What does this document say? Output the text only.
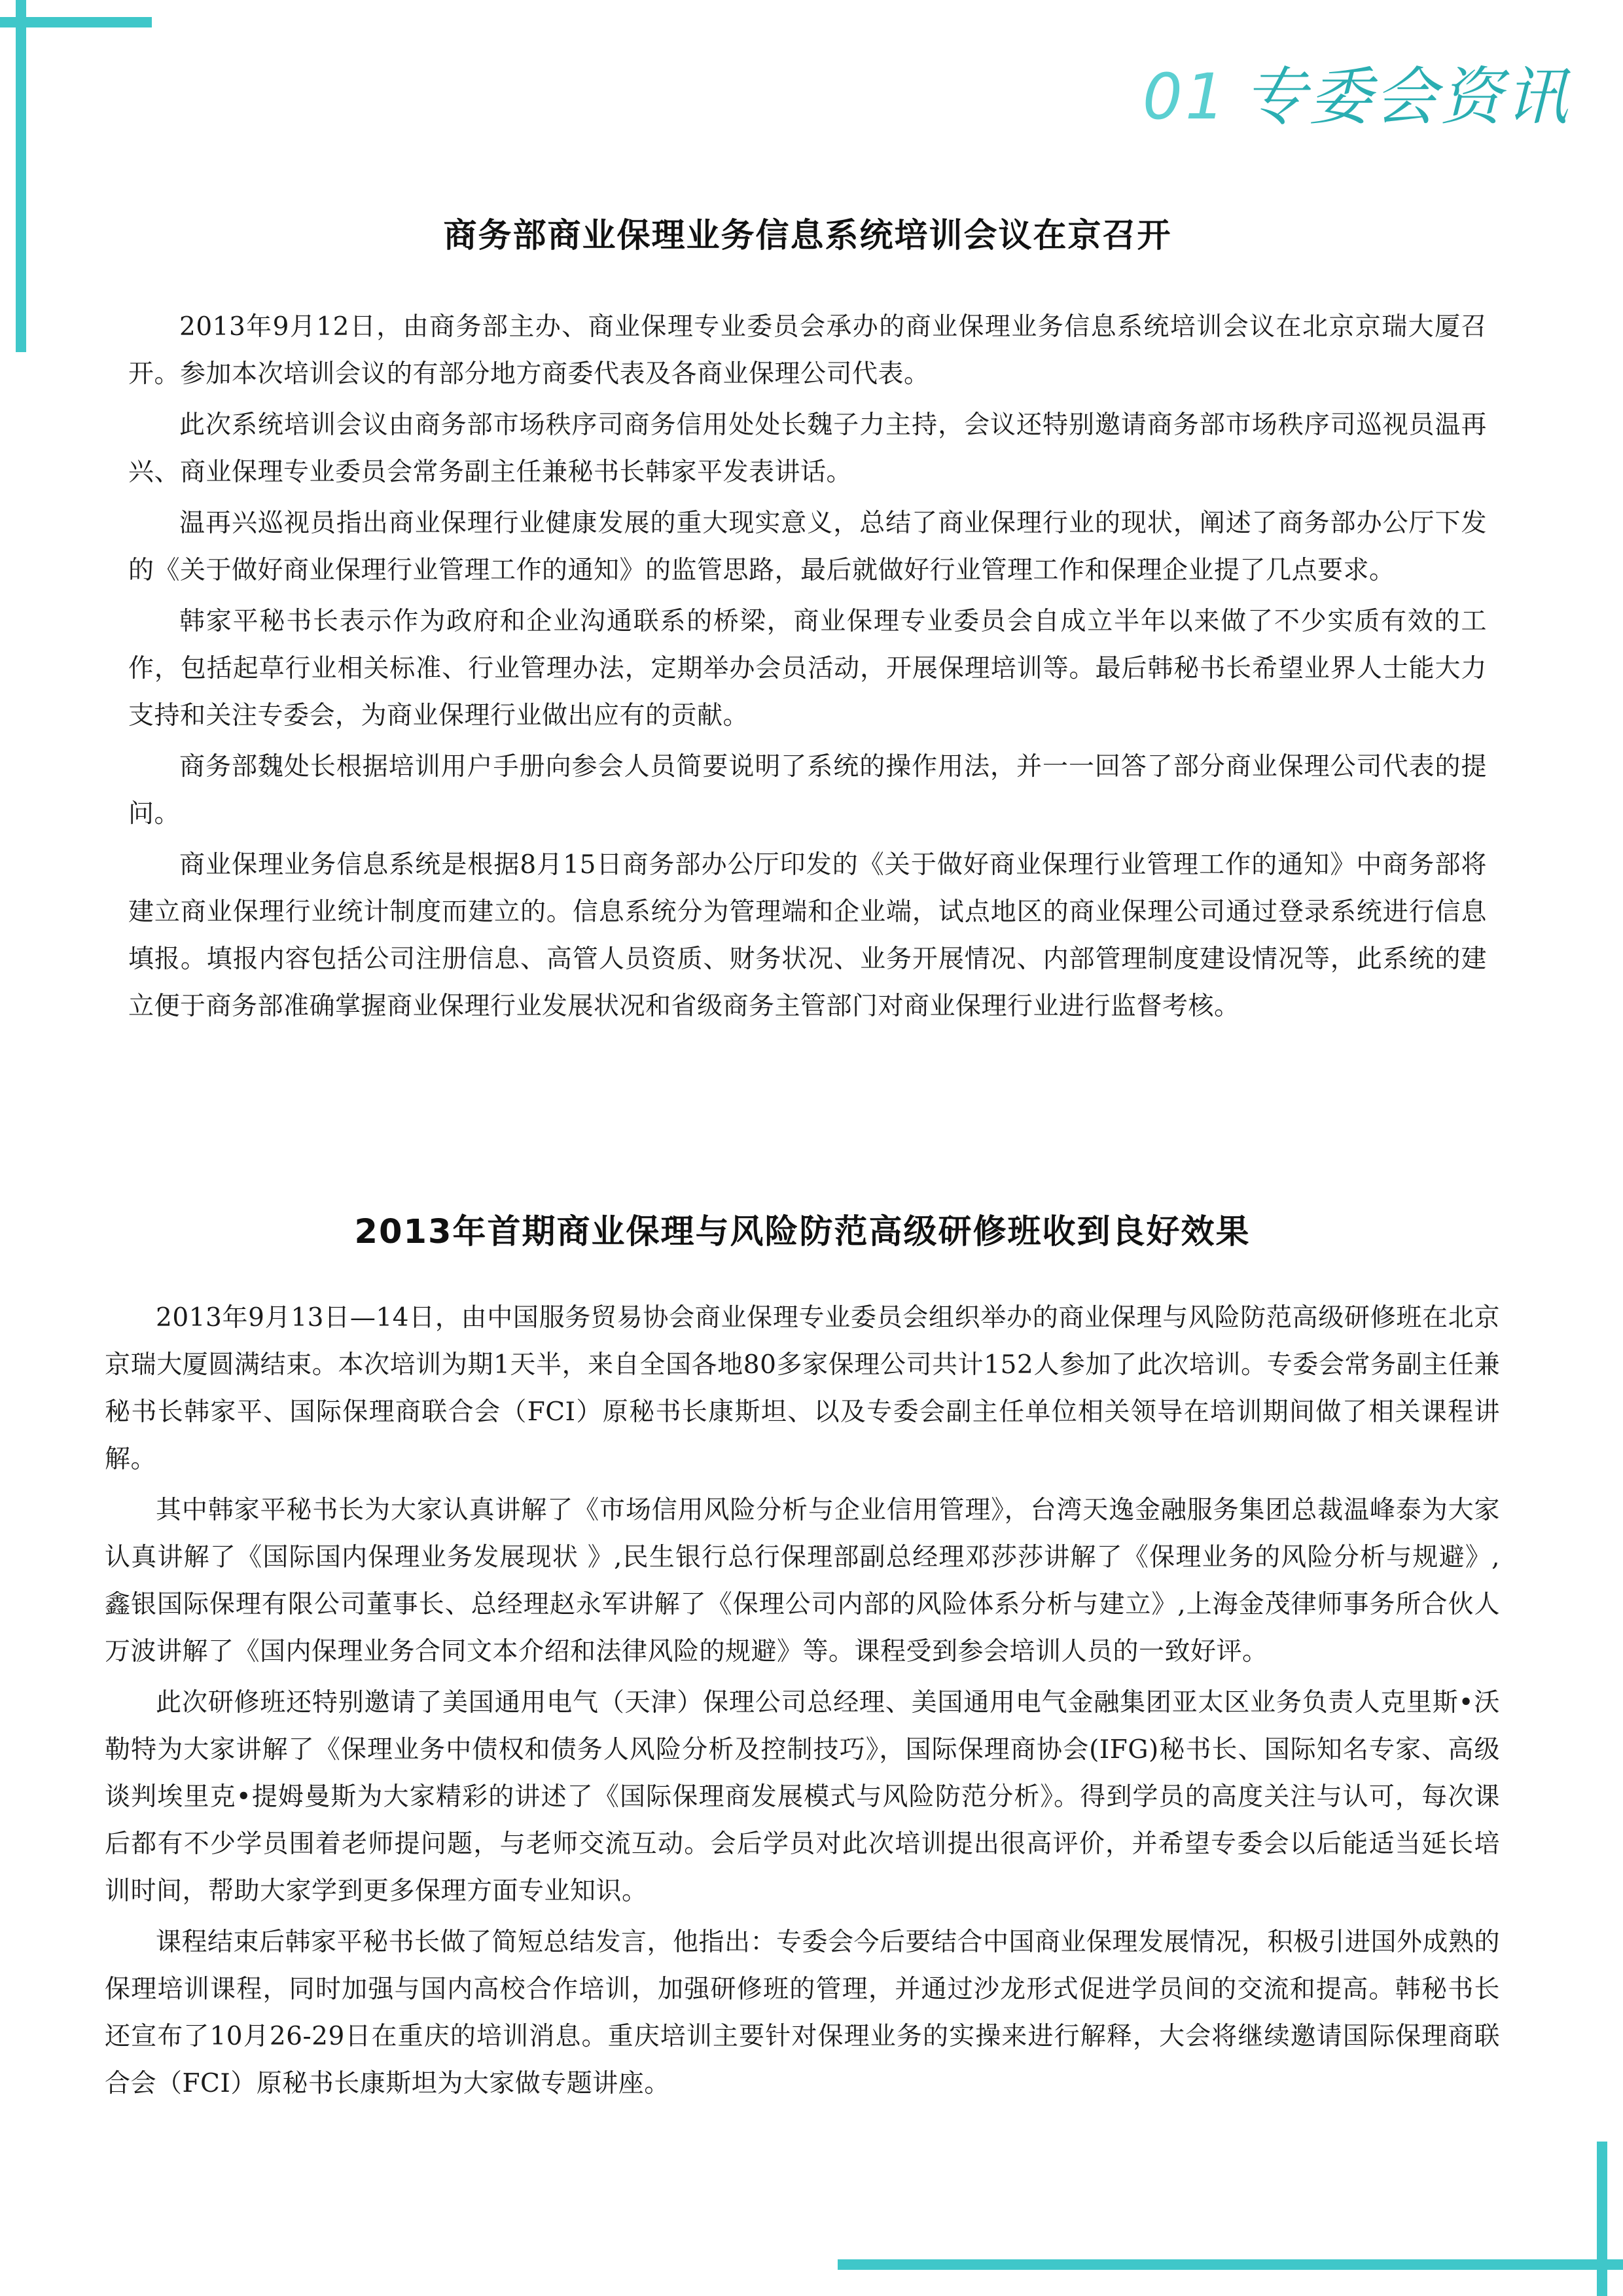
01 专委会资讯
商务部商业保理业务信息系统培训会议在京召开

2013年9月12日，由商务部主办、商业保理专业委员会承办的商业保理业务信息系统培训会议在北京京瑞大厦召开。参加本次培训会议的有部分地方商委代表及各商业保理公司代表。

此次系统培训会议由商务部市场秩序司商务信用处处长魏子力主持，会议还特别邀请商务部市场秩序司巡视员温再兴、商业保理专业委员会常务副主任兼秘书长韩家平发表讲话。

温再兴巡视员指出商业保理行业健康发展的重大现实意义，总结了商业保理行业的现状，阐述了商务部办公厅下发的《关于做好商业保理行业管理工作的通知》的监管思路，最后就做好行业管理工作和保理企业提了几点要求。

韩家平秘书长表示作为政府和企业沟通联系的桥梁，商业保理专业委员会自成立半年以来做了不少实质有效的工作，包括起草行业相关标准、行业管理办法，定期举办会员活动，开展保理培训等。最后韩秘书长希望业界人士能大力支持和关注专委会，为商业保理行业做出应有的贡献。

商务部魏处长根据培训用户手册向参会人员简要说明了系统的操作用法，并一一回答了部分商业保理公司代表的提问。

商业保理业务信息系统是根据8月15日商务部办公厅印发的《关于做好商业保理行业管理工作的通知》中商务部将建立商业保理行业统计制度而建立的。信息系统分为管理端和企业端，试点地区的商业保理公司通过登录系统进行信息填报。填报内容包括公司注册信息、高管人员资质、财务状况、业务开展情况、内部管理制度建设情况等，此系统的建立便于商务部准确掌握商业保理行业发展状况和省级商务主管部门对商业保理行业进行监督考核。

2013年首期商业保理与风险防范高级研修班收到良好效果

2013年9月13日—14日，由中国服务贸易协会商业保理专业委员会组织举办的商业保理与风险防范高级研修班在北京京瑞大厦圆满结束。本次培训为期1天半，来自全国各地80多家保理公司共计152人参加了此次培训。专委会常务副主任兼秘书长韩家平、国际保理商联合会（FCI）原秘书长康斯坦、以及专委会副主任单位相关领导在培训期间做了相关课程讲解。

其中韩家平秘书长为大家认真讲解了《市场信用风险分析与企业信用管理》，台湾天逸金融服务集团总裁温峰泰为大家认真讲解了《国际国内保理业务发展现状 》,民生银行总行保理部副总经理邓莎莎讲解了《保理业务的风险分析与规避》,鑫银国际保理有限公司董事长、总经理赵永军讲解了《保理公司内部的风险体系分析与建立》,上海金茂律师事务所合伙人万波讲解了《国内保理业务合同文本介绍和法律风险的规避》等。课程受到参会培训人员的一致好评。

此次研修班还特别邀请了美国通用电气（天津）保理公司总经理、美国通用电气金融集团亚太区业务负责人克里斯•沃勒特为大家讲解了《保理业务中债权和债务人风险分析及控制技巧》，国际保理商协会(IFG)秘书长、国际知名专家、高级谈判埃里克•提姆曼斯为大家精彩的讲述了《国际保理商发展模式与风险防范分析》。得到学员的高度关注与认可，每次课后都有不少学员围着老师提问题，与老师交流互动。会后学员对此次培训提出很高评价，并希望专委会以后能适当延长培训时间，帮助大家学到更多保理方面专业知识。

课程结束后韩家平秘书长做了简短总结发言，他指出：专委会今后要结合中国商业保理发展情况，积极引进国外成熟的保理培训课程，同时加强与国内高校合作培训，加强研修班的管理，并通过沙龙形式促进学员间的交流和提高。韩秘书长还宣布了10月26-29日在重庆的培训消息。重庆培训主要针对保理业务的实操来进行解释，大会将继续邀请国际保理商联合会（FCI）原秘书长康斯坦为大家做专题讲座。
